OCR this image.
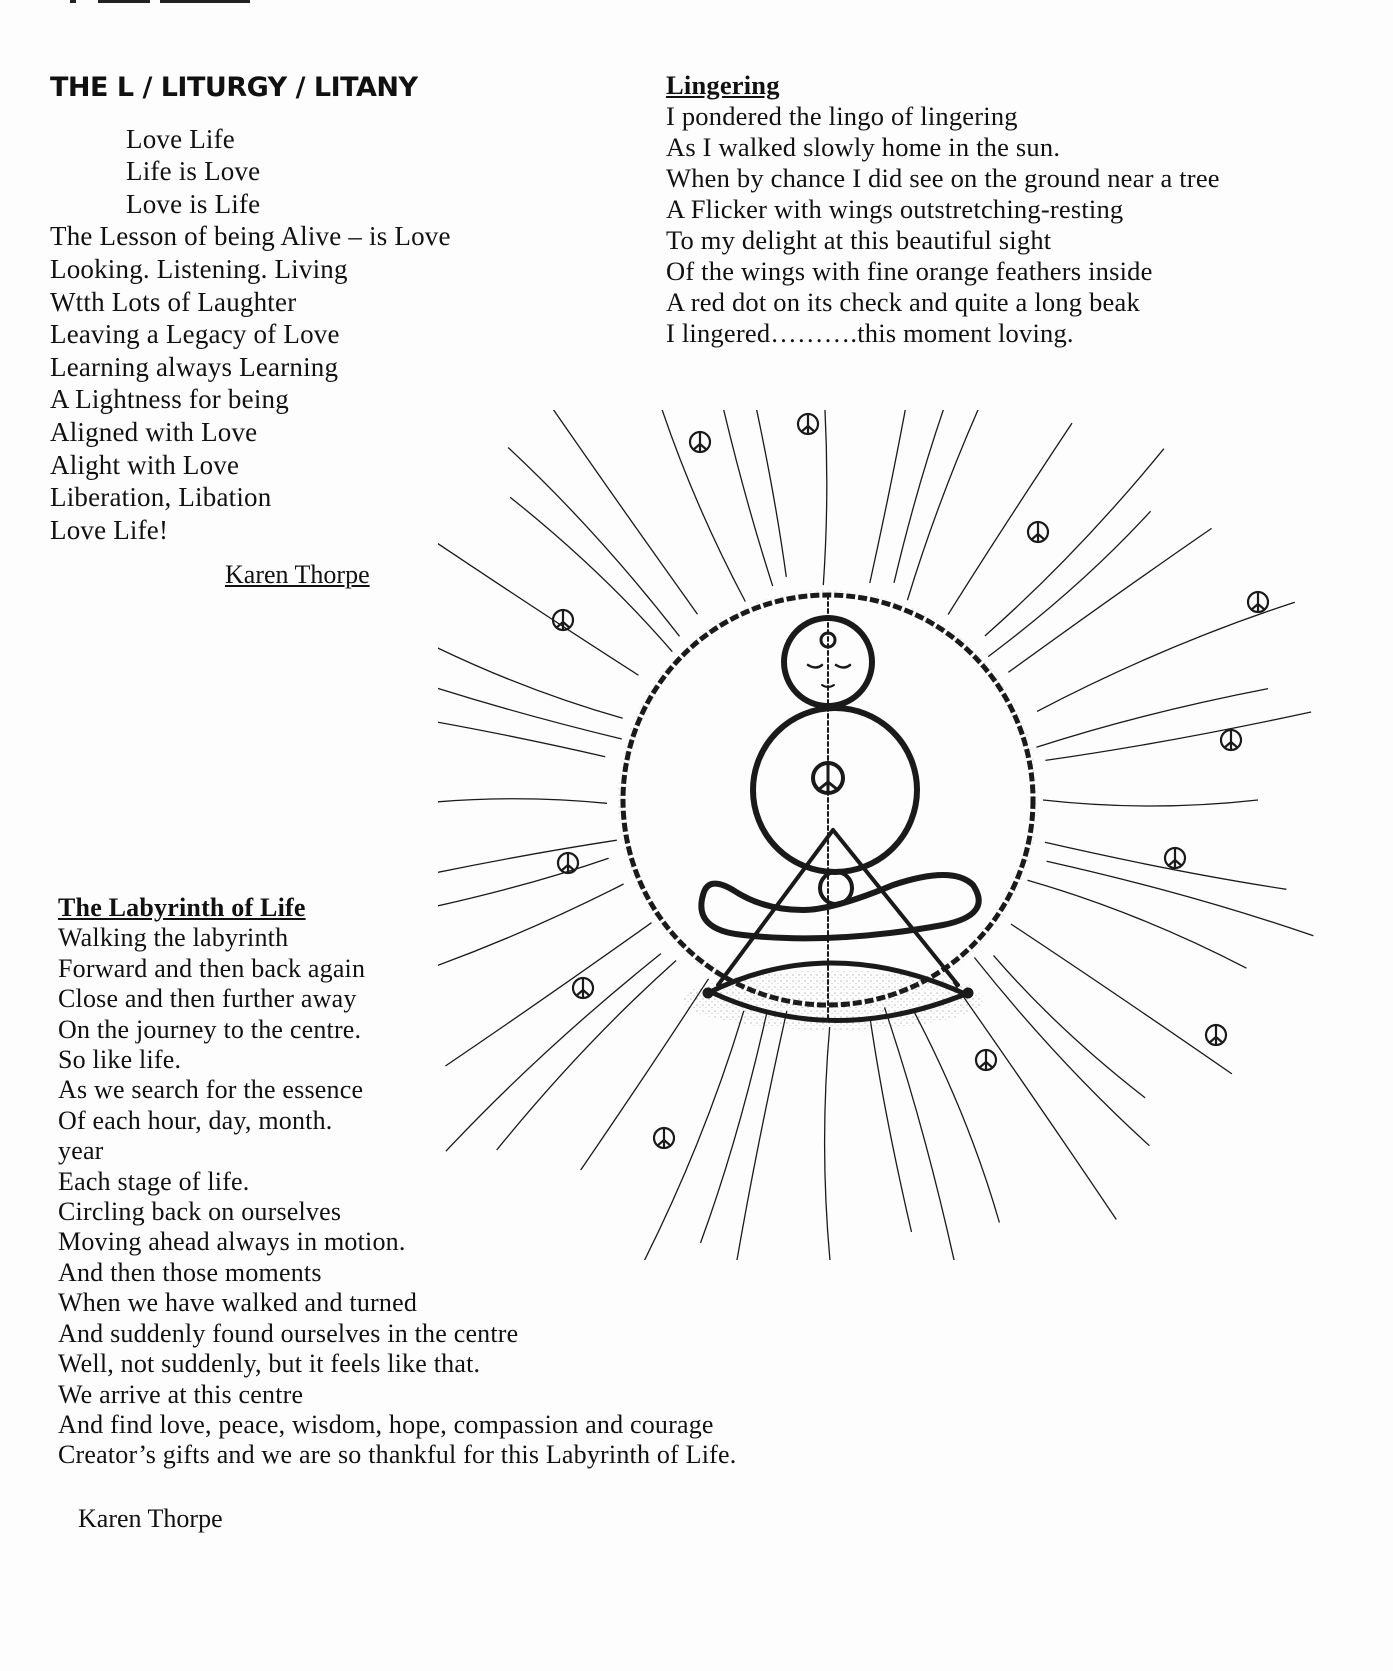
THE L / LITURGY / LITANY
Love Life
Life is Love
Love is Life
The Lesson of being Alive – is Love
Looking. Listening. Living
Wtth Lots of Laughter
Leaving a Legacy of Love
Learning always Learning
A Lightness for being
Aligned with Love
Alight with Love
Liberation, Libation
Love Life!
Karen Thorpe
Lingering
I pondered the lingo of lingering
As I walked slowly home in the sun.
When by chance I did see on the ground near a tree
A Flicker with wings outstretching-resting
To my delight at this beautiful sight
Of the wings with fine orange feathers inside
A red dot on its check and quite a long beak
I lingered……….this moment loving.
The Labyrinth of Life
Walking the labyrinth
Forward and then back again
Close and then further away
On the journey to the centre.
So like life.
As we search for the essence
Of each hour, day, month.
year
Each stage of life.
Circling back on ourselves
Moving ahead always in motion.
And then those moments
When we have walked and turned
And suddenly found ourselves in the centre
Well, not suddenly, but it feels like that.
We arrive at this centre
And find love, peace, wisdom, hope, compassion and courage
Creator’s gifts and we are so thankful for this Labyrinth of Life.
Karen Thorpe
